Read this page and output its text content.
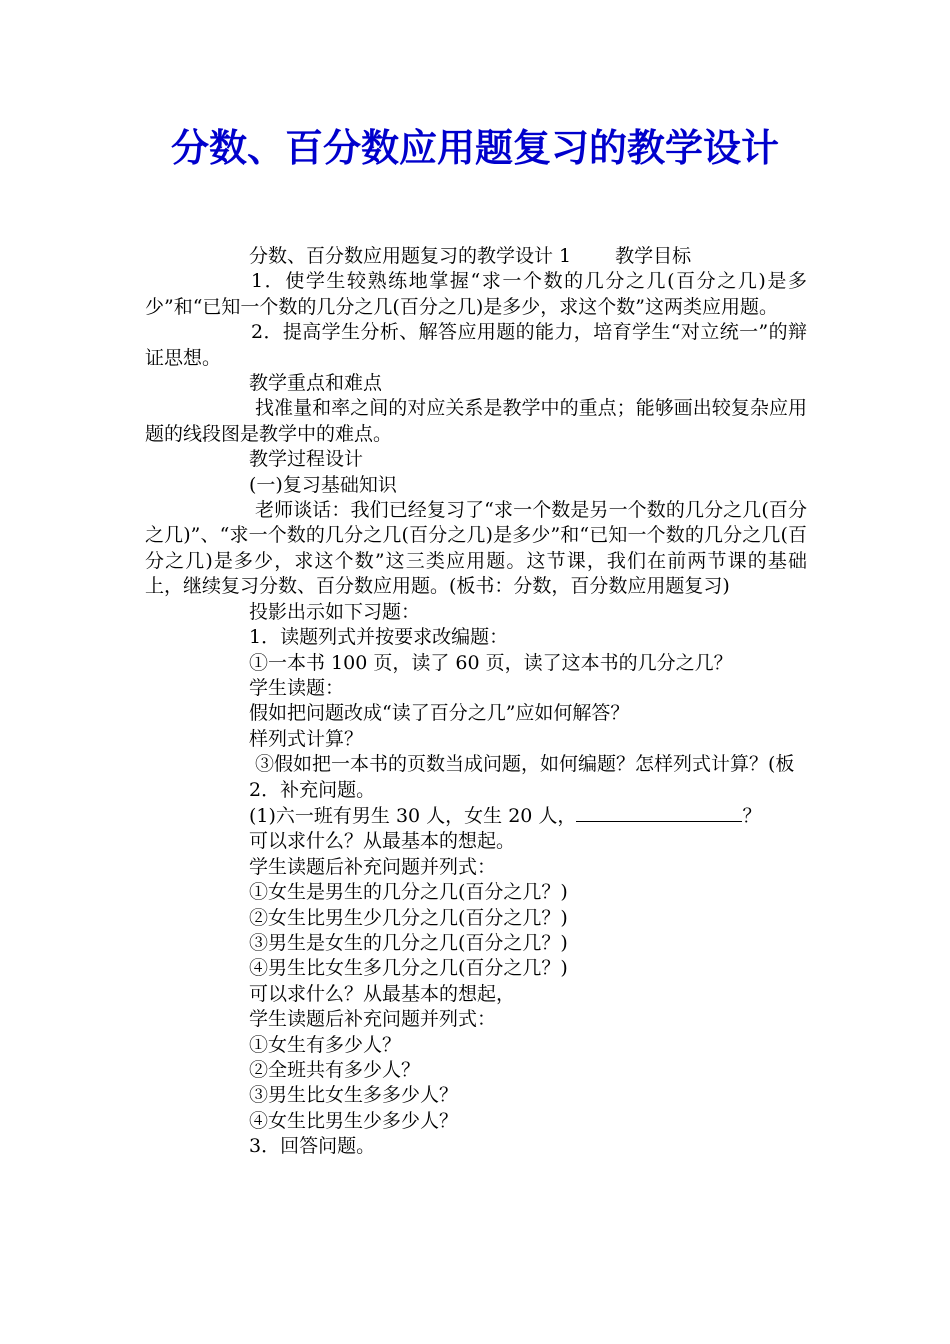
分数、百分数应用题复习的教学设计

分数、百分数应用题复习的教学设计 1 教学目标

1．使学生较熟练地掌握“求一个数的几分之几(百分之几)是多少”和“已知一个数的几分之几(百分之几)是多少，求这个数”这两类应用题。

2．提高学生分析、解答应用题的能力，培育学生“对立统一”的辩证思想。

教学重点和难点

找准量和率之间的对应关系是教学中的重点；能够画出较复杂应用题的线段图是教学中的难点。

教学过程设计

(一)复习基础知识

老师谈话：我们已经复习了“求一个数是另一个数的几分之几(百分之几)”、“求一个数的几分之几(百分之几)是多少”和“已知一个数的几分之几(百分之几)是多少，求这个数”这三类应用题。这节课，我们在前两节课的基础上，继续复习分数、百分数应用题。(板书：分数，百分数应用题复习)

投影出示如下习题：

1．读题列式并按要求改编题：

①一本书 100 页，读了 60 页，读了这本书的几分之几？

学生读题：

假如把问题改成“读了百分之几”应如何解答？

样列式计算？

③假如把一本书的页数当成问题，如何编题？怎样列式计算？(板

2．补充问题。

(1)六一班有男生 30 人，女生 20 人，	？

可以求什么？从最基本的想起。

学生读题后补充问题并列式：

①女生是男生的几分之几(百分之几？)

②女生比男生少几分之几(百分之几？)

③男生是女生的几分之几(百分之几？)

④男生比女生多几分之几(百分之几？)

可以求什么？从最基本的想起，

学生读题后补充问题并列式：

①女生有多少人？

②全班共有多少人？

③男生比女生多多少人？

④女生比男生少多少人？

3．回答问题。
